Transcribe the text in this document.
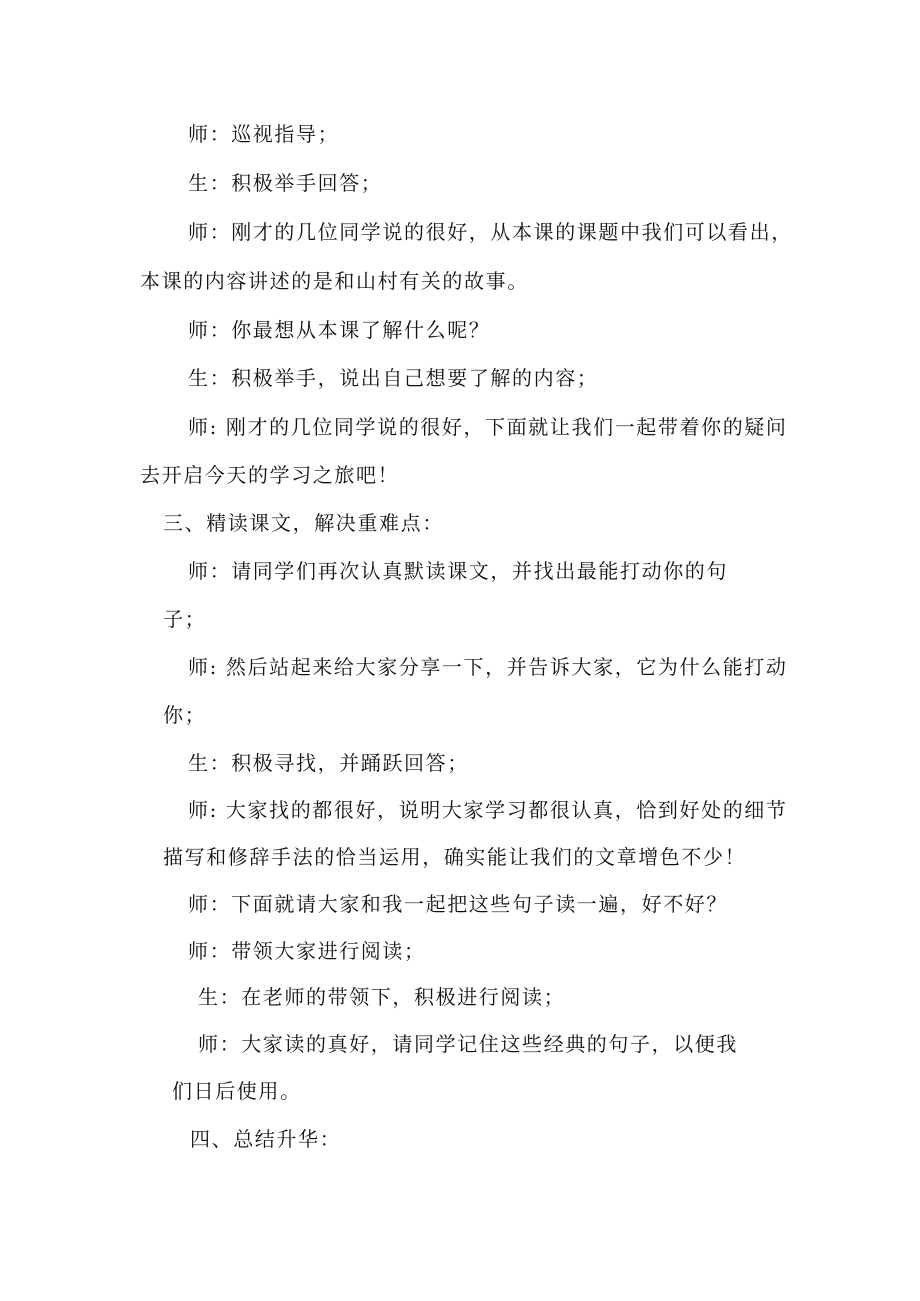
师：巡视指导；

生：积极举手回答；

师：刚才的几位同学说的很好，从本课的课题中我们可以看出，

本课的内容讲述的是和山村有关的故事。

师：你最想从本课了解什么呢？

生：积极举手，说出自己想要了解的内容；

师: 刚才的几位同学说的很好，下面就让我们一起带着你的疑问

去开启今天的学习之旅吧！

三、精读课文，解决重难点：

师：请同学们再次认真默读课文，并找出最能打动你的句

子；

师: 然后站起来给大家分享一下，并告诉大家，它为什么能打动

你；

生：积极寻找，并踊跃回答；

师: 大家找的都很好，说明大家学习都很认真，恰到好处的细节

描写和修辞手法的恰当运用，确实能让我们的文章增色不少！

师：下面就请大家和我一起把这些句子读一遍，好不好？

师：带领大家进行阅读；

生：在老师的带领下，积极进行阅读；

师：大家读的真好，请同学记住这些经典的句子，以便我

们日后使用。

四、总结升华：
